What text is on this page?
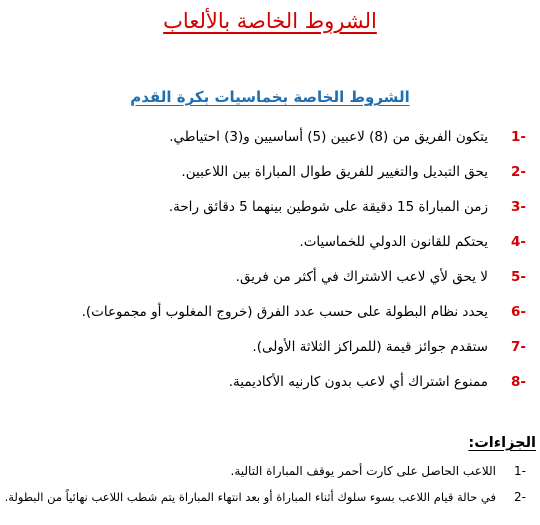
الشروط الخاصة بالألعاب
الشروط الخاصة بخماسيات بكرة القدم
1-
يتكون الفريق من (8) لاعبين (5) أساسيين و(3) احتياطي.
2-
يحق التبديل والتغيير للفريق طوال المباراة بين اللاعبين.
3-
زمن المباراة 15 دقيقة على شوطين بينهما 5 دقائق راحة.
4-
يحتكم للقانون الدولي للخماسيات.
5-
لا يحق لأي لاعب الاشتراك في أكثر من فريق.
6-
يحدد نظام البطولة على حسب عدد الفرق (خروج المغلوب أو مجموعات).
7-
ستقدم جوائز قيمة (للمراكز الثلاثة الأولى).
8-
ممنوع اشتراك أي لاعب بدون كارنيه الأكاديمية.
الجزاءات:
1-
اللاعب الحاصل على كارت أحمر يوقف المباراة التالية.
2-
في حالة قيام اللاعب بسوء سلوك أثناء المباراة أو بعد انتهاء المباراة يتم شطب اللاعب نهائياً من البطولة.
